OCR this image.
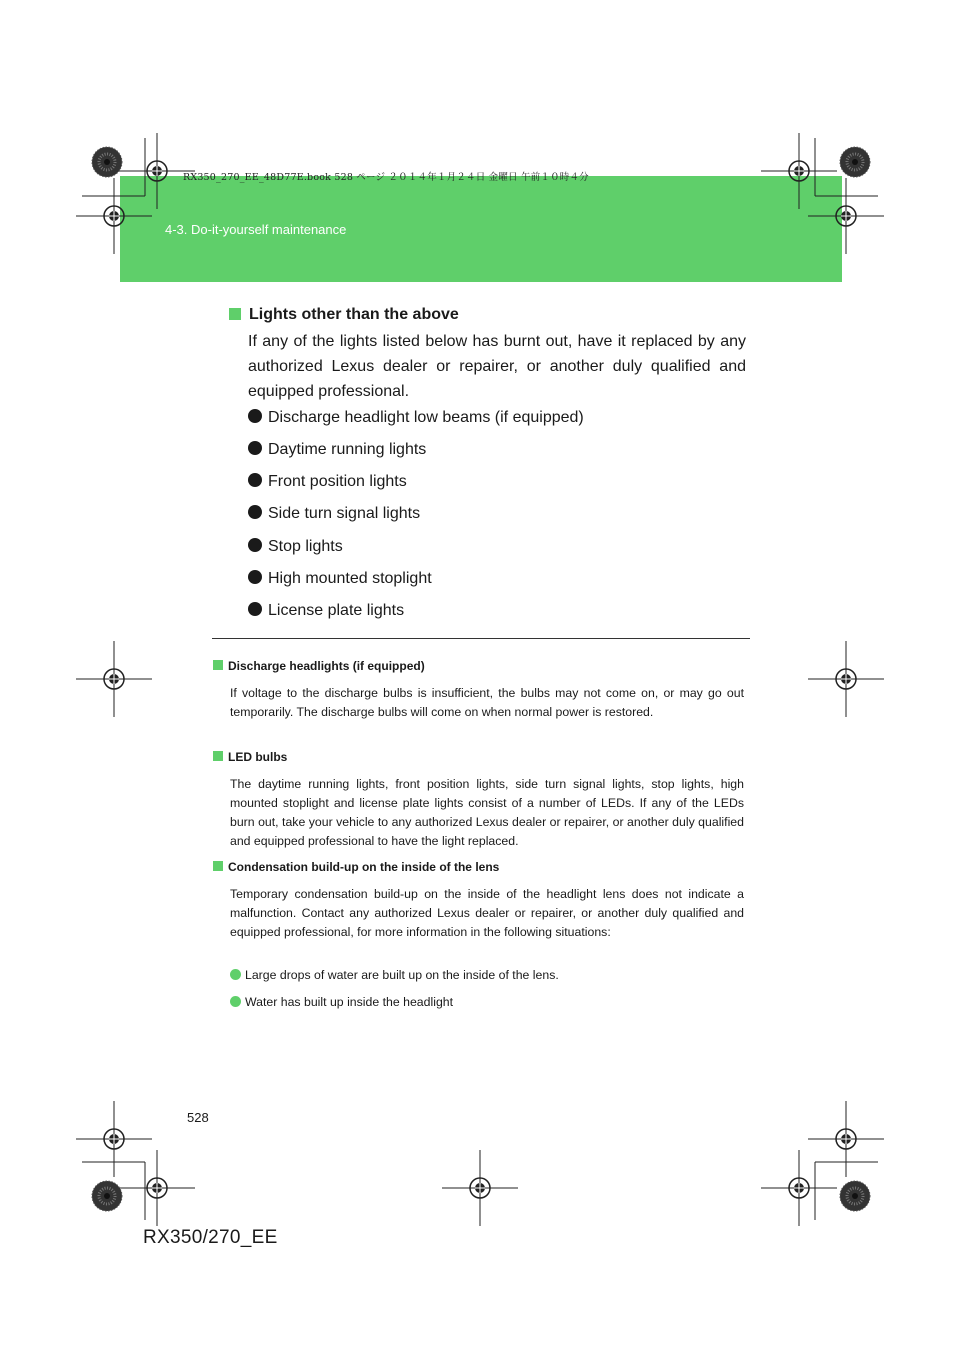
RX350_270_EE_48D77E.book 528 ページ ２０１４年１月２４日 金曜日 午前１０時４分
4-3. Do-it-yourself maintenance
Lights other than the above
If any of the lights listed below has burnt out, have it replaced by any authorized Lexus dealer or repairer, or another duly qualified and equipped professional.
Discharge headlight low beams (if equipped)
Daytime running lights
Front position lights
Side turn signal lights
Stop lights
High mounted stoplight
License plate lights
Discharge headlights (if equipped)
If voltage to the discharge bulbs is insufficient, the bulbs may not come on, or may go out temporarily. The discharge bulbs will come on when normal power is restored.
LED bulbs
The daytime running lights, front position lights, side turn signal lights, stop lights, high mounted stoplight and license plate lights consist of a number of LEDs. If any of the LEDs burn out, take your vehicle to any authorized Lexus dealer or repairer, or another duly qualified and equipped professional to have the light replaced.
Condensation build-up on the inside of the lens
Temporary condensation build-up on the inside of the headlight lens does not indicate a malfunction. Contact any authorized Lexus dealer or repairer, or another duly qualified and equipped professional, for more information in the following situations:
Large drops of water are built up on the inside of the lens.
Water has built up inside the headlight
528
RX350/270_EE
